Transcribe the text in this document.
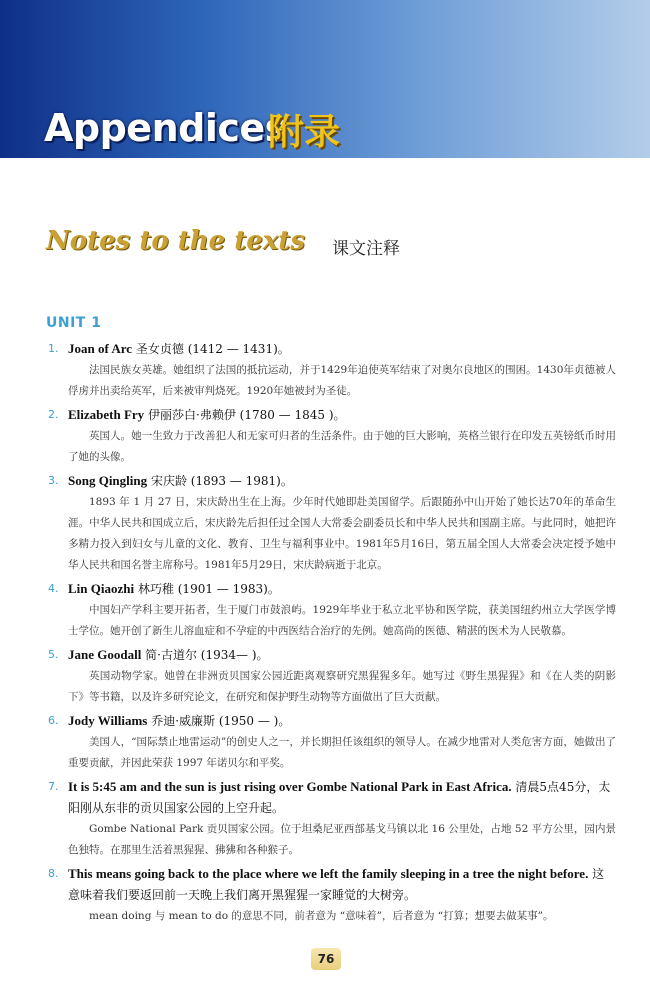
Appendices
附录
Notes to the texts 课文注释
UNIT 1
1. Joan of Arc 圣女贞德 (1412 — 1431)。
法国民族女英雄。她组织了法国的抵抗运动，并于1429年迫使英军结束了对奥尔良地区的围困。1430年贞德被人俘虏并出卖给英军，后来被审判烧死。1920年她被封为圣徒。
2. Elizabeth Fry 伊丽莎白·弗赖伊 (1780 — 1845 )。
英国人。她一生致力于改善犯人和无家可归者的生活条件。由于她的巨大影响，英格兰银行在印发五英镑纸币时用了她的头像。
3. Song Qingling 宋庆龄 (1893 — 1981)。
1893 年 1 月 27 日，宋庆龄出生在上海。少年时代她即赴美国留学。后跟随孙中山开始了她长达70年的革命生涯。中华人民共和国成立后，宋庆龄先后担任过全国人大常委会副委员长和中华人民共和国副主席。与此同时，她把许多精力投入到妇女与儿童的文化、教育、卫生与福利事业中。1981年5月16日，第五届全国人大常委会决定授予她中华人民共和国名誉主席称号。1981年5月29日，宋庆龄病逝于北京。
4. Lin Qiaozhi 林巧稚 (1901 — 1983)。
中国妇产学科主要开拓者，生于厦门市鼓浪屿。1929年毕业于私立北平协和医学院，获美国纽约州立大学医学博士学位。她开创了新生儿溶血症和不孕症的中西医结合治疗的先例。她高尚的医德、精湛的医术为人民敬慕。
5. Jane Goodall 简·古道尔 (1934— )。
英国动物学家。她曾在非洲贡贝国家公园近距离观察研究黑猩猩多年。她写过《野生黑猩猩》和《在人类的阴影下》等书籍，以及许多研究论文，在研究和保护野生动物等方面做出了巨大贡献。
6. Jody Williams 乔迪·威廉斯 (1950 — )。
美国人，“国际禁止地雷运动”的创史人之一，并长期担任该组织的领导人。在减少地雷对人类危害方面，她做出了重要贡献，并因此荣获 1997 年诺贝尔和平奖。
7. It is 5:45 am and the sun is just rising over Gombe National Park in East Africa. 清晨5点45分，太阳刚从东非的贡贝国家公园的上空升起。
Gombe National Park 贡贝国家公园。位于坦桑尼亚西部基戈马镇以北 16 公里处，占地 52 平方公里，园内景色独特。在那里生活着黑猩猩、狒狒和各种猴子。
8. This means going back to the place where we left the family sleeping in a tree the night before. 这意味着我们要返回前一天晚上我们离开黑猩猩一家睡觉的大树旁。
mean doing 与 mean to do 的意思不同，前者意为 “意味着”，后者意为 “打算；想要去做某事”。
76
